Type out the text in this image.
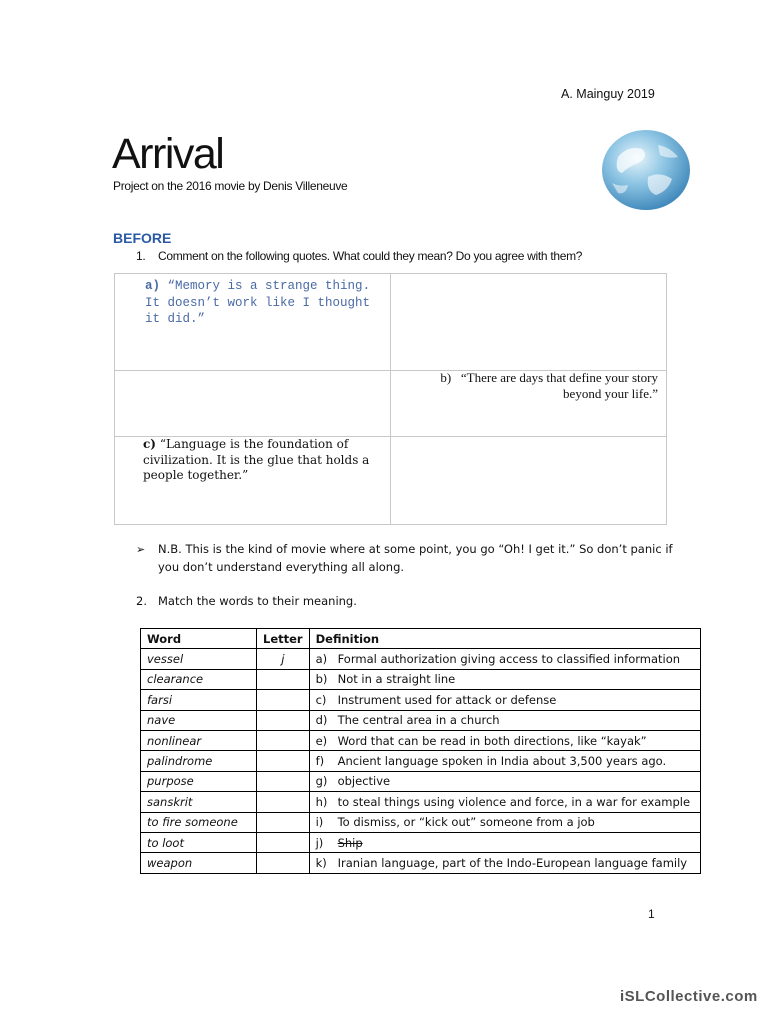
A. Mainguy 2019
Arrival
Project on the 2016 movie by Denis Villeneuve
BEFORE
1. Comment on the following quotes. What could they mean? Do you agree with them?
a) “Memory is a strange thing. It doesn’t work like I thought it did.”
b) “There are days that define your story beyond your life.”
c) “Language is the foundation of civilization. It is the glue that holds a people together.”
➢ N.B. This is the kind of movie where at some point, you go “Oh! I get it.” So don’t panic if you don’t understand everything all along.
2. Match the words to their meaning.
Word	Letter	Definition
vessel	j	a) Formal authorization giving access to classified information
clearance		b) Not in a straight line
farsi		c) Instrument used for attack or defense
nave		d) The central area in a church
nonlinear		e) Word that can be read in both directions, like “kayak”
palindrome		f) Ancient language spoken in India about 3,500 years ago.
purpose		g) objective
sanskrit		h) to steal things using violence and force, in a war for example
to fire someone		i) To dismiss, or “kick out” someone from a job
to loot		j) Ship
weapon		k) Iranian language, part of the Indo-European language family
1
iSLCollective.com
